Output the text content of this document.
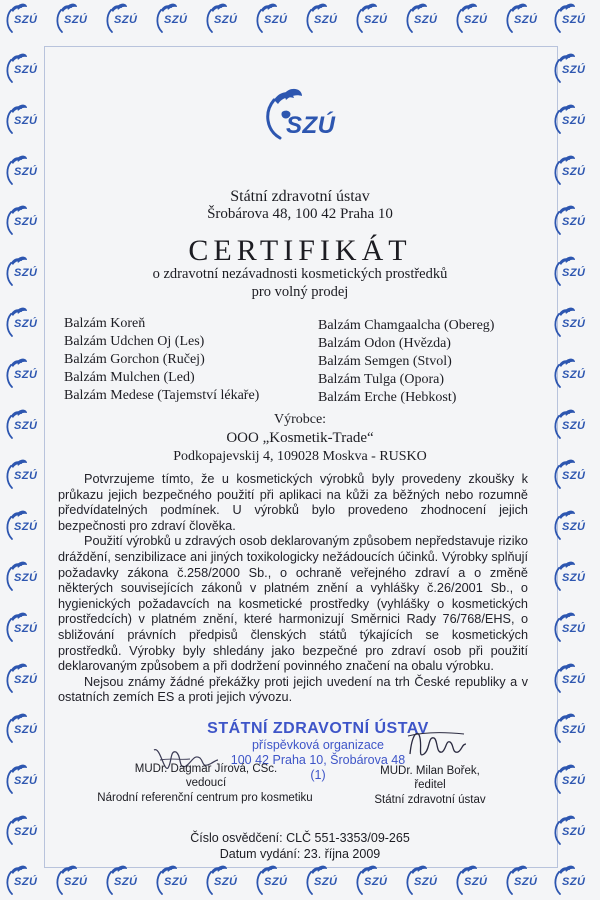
SZÚ SZÚ SZÚ SZÚ SZÚ SZÚ SZÚ SZÚ SZÚ SZÚ SZÚ SZÚ
SZÚ SZÚ SZÚ SZÚ SZÚ SZÚ SZÚ SZÚ SZÚ SZÚ SZÚ SZÚ
SZÚ	SZÚ
SZÚ	SZÚ
SZÚ	SZÚ
SZÚ	SZÚ
SZÚ	SZÚ
SZÚ	SZÚ
SZÚ	SZÚ
SZÚ	SZÚ
SZÚ	SZÚ
SZÚ	SZÚ
SZÚ	SZÚ
SZÚ	SZÚ
SZÚ	SZÚ
SZÚ	SZÚ
SZÚ	SZÚ
SZÚ	SZÚ
SZÚ
Státní zdravotní ústav
Šrobárova 48, 100 42 Praha 10
CERTIFIKÁT
o zdravotní nezávadnosti kosmetických prostředků
pro volný prodej
Balzám Koreň
Balzám Udchen Oj (Les)
Balzám Gorchon (Ručej)
Balzám Mulchen (Led)
Balzám Medese (Tajemství lékaře)
Balzám Chamgaalcha (Obereg)
Balzám Odon (Hvězda)
Balzám Semgen (Stvol)
Balzám Tulga (Opora)
Balzám Erche (Hebkost)
Výrobce:
OOO „Kosmetik-Trade“
Podkopajevskij 4, 109028 Moskva - RUSKO

Potvrzujeme tímto, že u kosmetických výrobků byly provedeny zkoušky k průkazu jejich bezpečného použití při aplikaci na kůži za běžných nebo rozumně předvídatelných podmínek. U výrobků bylo provedeno zhodnocení jejich bezpečnosti pro zdraví člověka.

Použití výrobků u zdravých osob deklarovaným způsobem nepředstavuje riziko dráždění, senzibilizace ani jiných toxikologicky nežádoucích účinků. Výrobky splňují požadavky zákona č.258/2000 Sb., o ochraně veřejného zdraví a o změně některých souvisejících zákonů v platném znění a vyhlášky č.26/2001 Sb., o hygienických požadavcích na kosmetické prostředky (vyhlášky o kosmetických prostředcích) v platném znění, které harmonizují Směrnici Rady 76/768/EHS, o sbližování právních předpisů členských států týkajících se kosmetických prostředků. Výrobky byly shledány jako bezpečné pro zdraví osob při použití deklarovaným způsobem a při dodržení povinného značení na obalu výrobku.

Nejsou známy žádné překážky proti jejich uvedení na trh České republiky a v ostatních zemích ES a proti jejich vývozu.

STÁTNÍ ZDRAVOTNÍ ÚSTAV
příspěvková organizace
100 42 Praha 10, Šrobárova 48
(1)
MUDr. Dagmar Jírová, CSc.
vedoucí
Národní referenční centrum pro kosmetiku
MUDr. Milan Bořek,
ředitel
Státní zdravotní ústav
Číslo osvědčení: CLČ 551-3353/09-265
Datum vydání: 23. října 2009
